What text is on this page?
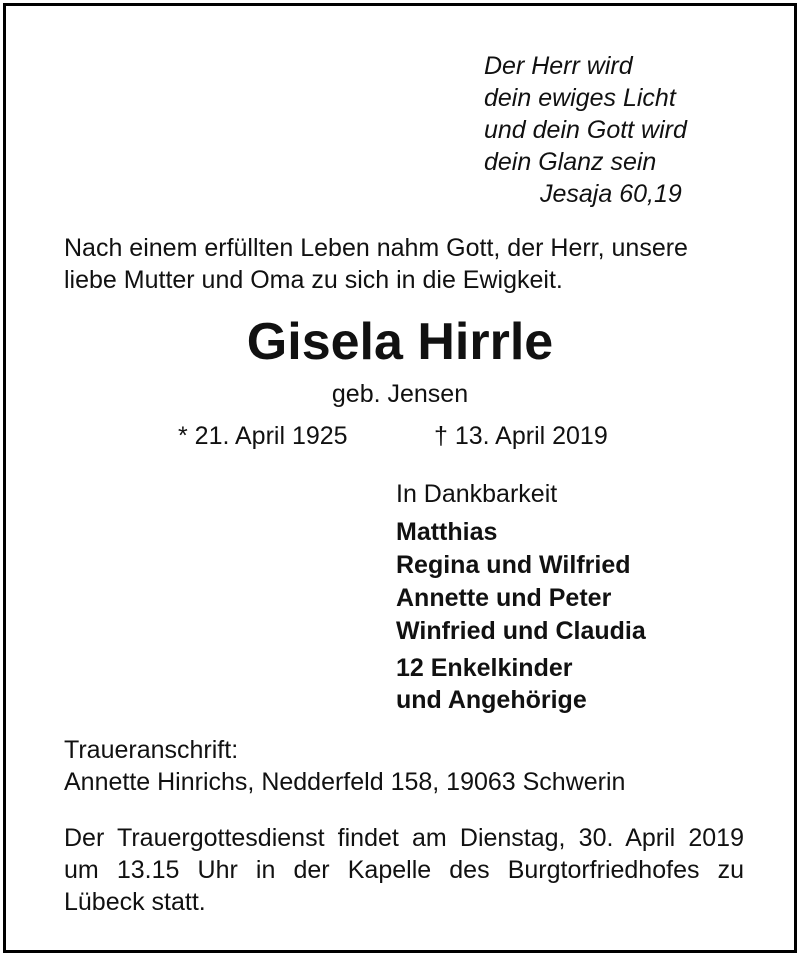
Der Herr wird
dein ewiges Licht
und dein Gott wird
dein Glanz sein
Jesaja 60,19
Nach einem erfüllten Leben nahm Gott, der Herr, unsere
liebe Mutter und Oma zu sich in die Ewigkeit.
Gisela Hirrle
geb. Jensen
* 21. April 1925	† 13. April 2019
In Dankbarkeit
Matthias
Regina und Wilfried
Annette und Peter
Winfried und Claudia
12 Enkelkinder
und Angehörige
Traueranschrift:
Annette Hinrichs, Nedderfeld 158, 19063 Schwerin
Der Trauergottesdienst findet am Dienstag, 30. April 2019
um 13.15 Uhr in der Kapelle des Burgtorfriedhofes zu
Lübeck statt.
